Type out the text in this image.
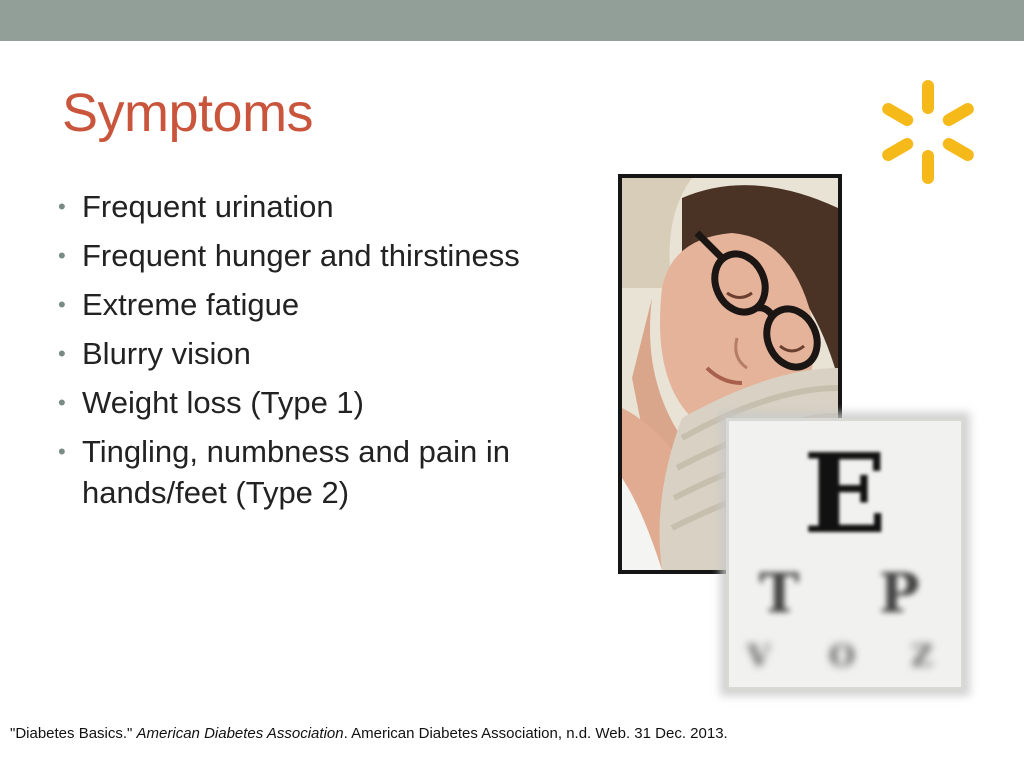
Symptoms
• Frequent urination
• Frequent hunger and thirstiness
• Extreme fatigue
• Blurry vision
• Weight loss (Type 1)
• Tingling, numbness and pain in hands/feet (Type 2)	E
T P
V O Z

"Diabetes Basics." American Diabetes Association. American Diabetes Association, n.d. Web. 31 Dec. 2013.
